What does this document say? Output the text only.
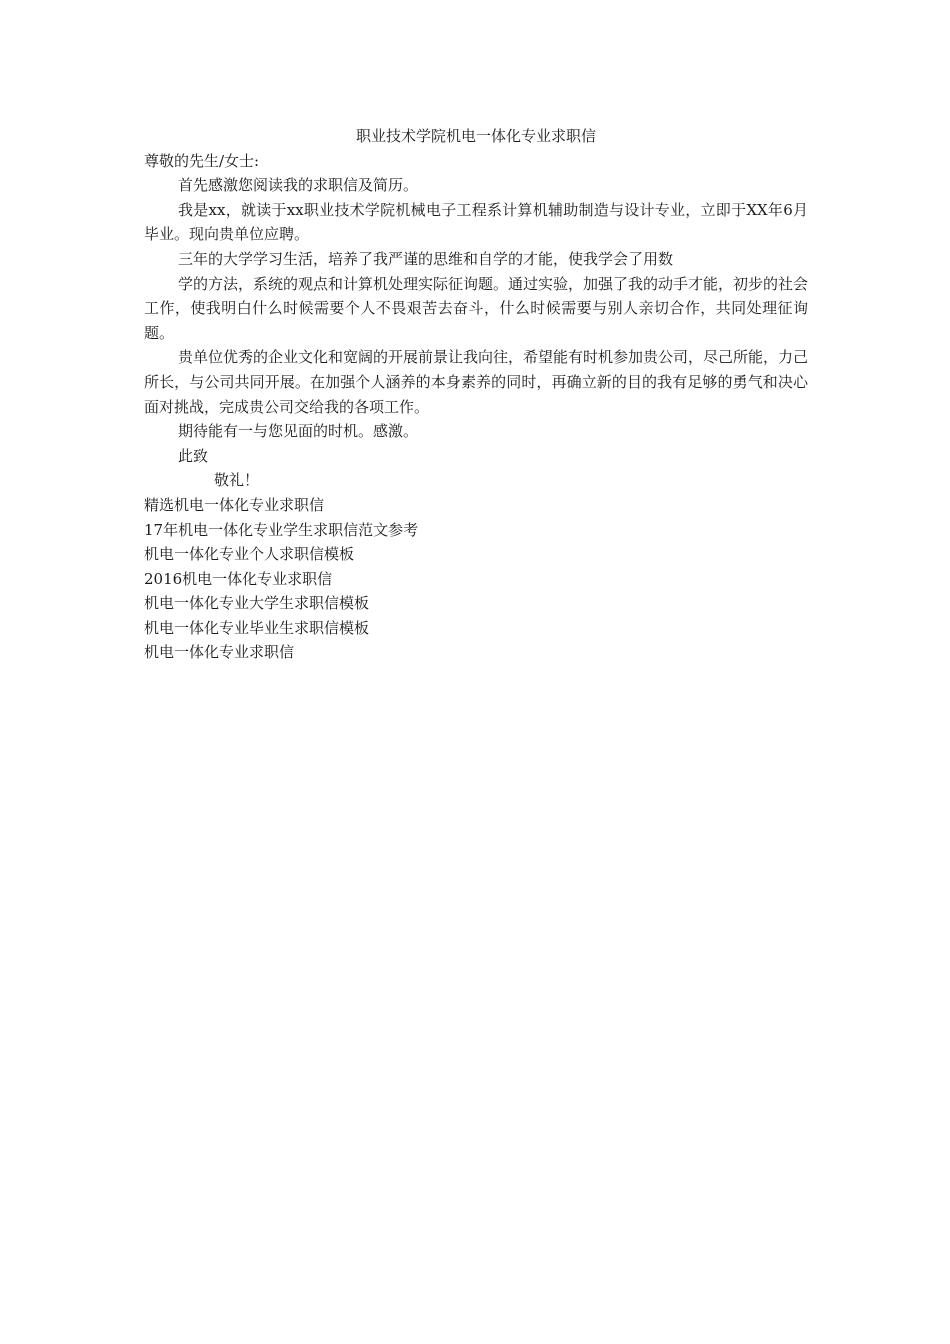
职业技术学院机电一体化专业求职信

尊敬的先生/女士:

首先感激您阅读我的求职信及简历。

我是xx，就读于xx职业技术学院机械电子工程系计算机辅助制造与设计专业，立即于XX年6月毕业。现向贵单位应聘。

三年的大学学习生活，培养了我严谨的思维和自学的才能，使我学会了用数

学的方法，系统的观点和计算机处理实际征询题。通过实验，加强了我的动手才能，初步的社会工作，使我明白什么时候需要个人不畏艰苦去奋斗，什么时候需要与别人亲切合作，共同处理征询题。

贵单位优秀的企业文化和宽阔的开展前景让我向往，希望能有时机参加贵公司，尽己所能，力己所长，与公司共同开展。在加强个人涵养的本身素养的同时，再确立新的目的我有足够的勇气和决心面对挑战，完成贵公司交给我的各项工作。

期待能有一与您见面的时机。感激。

此致

敬礼！

精选机电一体化专业求职信
17年机电一体化专业学生求职信范文参考
机电一体化专业个人求职信模板
2016机电一体化专业求职信
机电一体化专业大学生求职信模板
机电一体化专业毕业生求职信模板
机电一体化专业求职信
